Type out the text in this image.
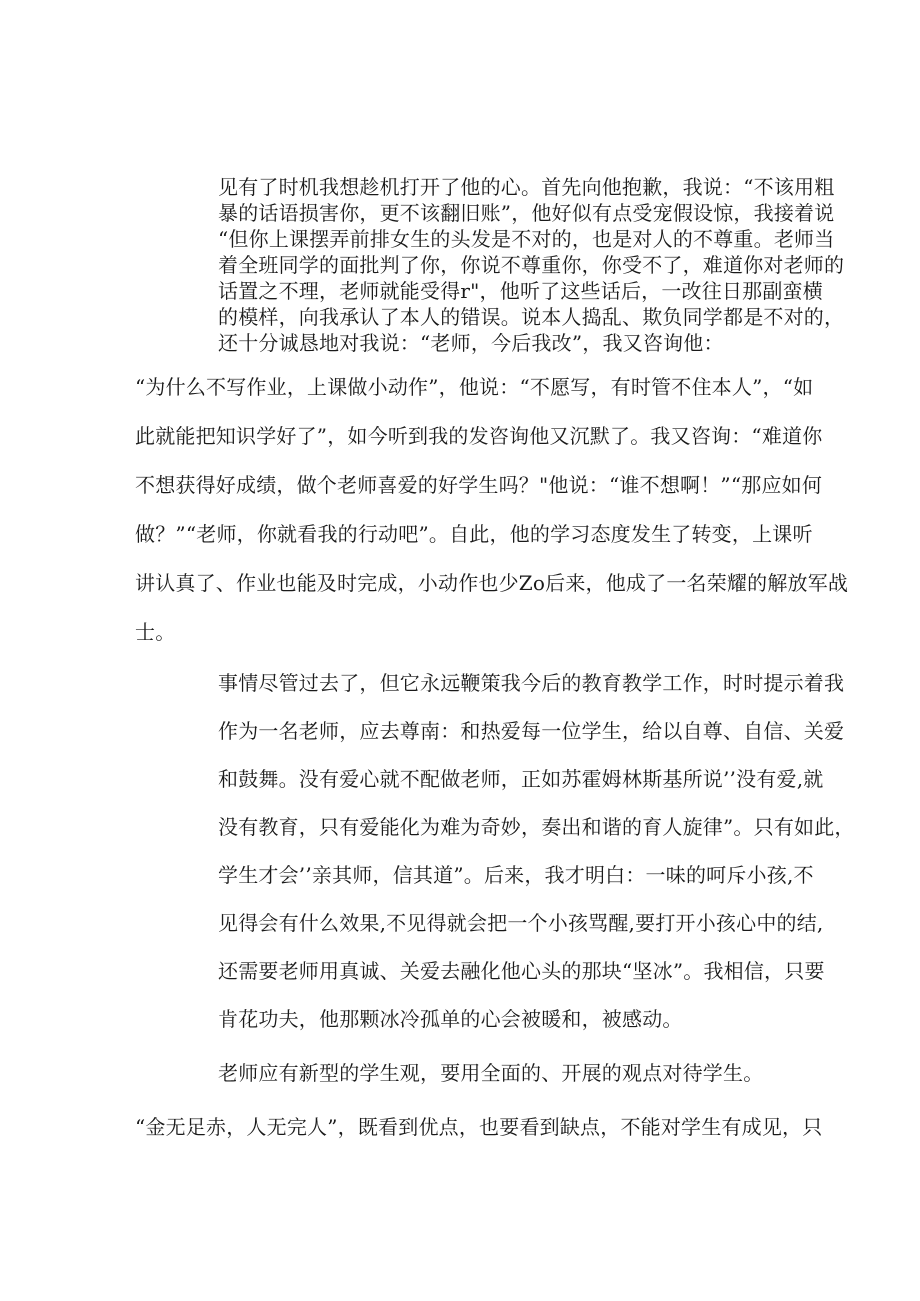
见有了时机我想趁机打开了他的心。首先向他抱歉，我说：“不该用粗
暴的话语损害你，更不该翻旧账”，他好似有点受宠假设惊，我接着说
“但你上课摆弄前排女生的头发是不对的，也是对人的不尊重。老师当
着全班同学的面批判了你，你说不尊重你，你受不了，难道你对老师的
话置之不理，老师就能受得r"，他听了这些话后，一改往日那副蛮横
的模样，向我承认了本人的错误。说本人捣乱、欺负同学都是不对的，
还十分诚恳地对我说：“老师，今后我改”，我又咨询他：
“为什么不写作业，上课做小动作”，他说：“不愿写，有时管不住本人”，“如
此就能把知识学好了”，如今听到我的发咨询他又沉默了。我又咨询：“难道你
不想获得好成绩，做个老师喜爱的好学生吗？"他说：“谁不想啊！”“那应如何
做？”“老师，你就看我的行动吧”。自此，他的学习态度发生了转变，上课听
讲认真了、作业也能及时完成，小动作也少Zo后来，他成了一名荣耀的解放军战
士。
事情尽管过去了，但它永远鞭策我今后的教育教学工作，时时提示着我
作为一名老师，应去尊南：和热爱每一位学生，给以自尊、自信、关爱
和鼓舞。没有爱心就不配做老师，正如苏霍姆林斯基所说’’没有爱,就
没有教育，只有爱能化为难为奇妙，奏出和谐的育人旋律”。只有如此，
学生才会’’亲其师，信其道”。后来，我才明白：一味的呵斥小孩,不
见得会有什么效果,不见得就会把一个小孩骂醒,要打开小孩心中的结,
还需要老师用真诚、关爱去融化他心头的那块“坚冰”。我相信，只要
肯花功夫，他那颗冰冷孤单的心会被暖和，被感动。
老师应有新型的学生观，要用全面的、开展的观点对待学生。
“金无足赤，人无完人”，既看到优点，也要看到缺点，不能对学生有成见，只
